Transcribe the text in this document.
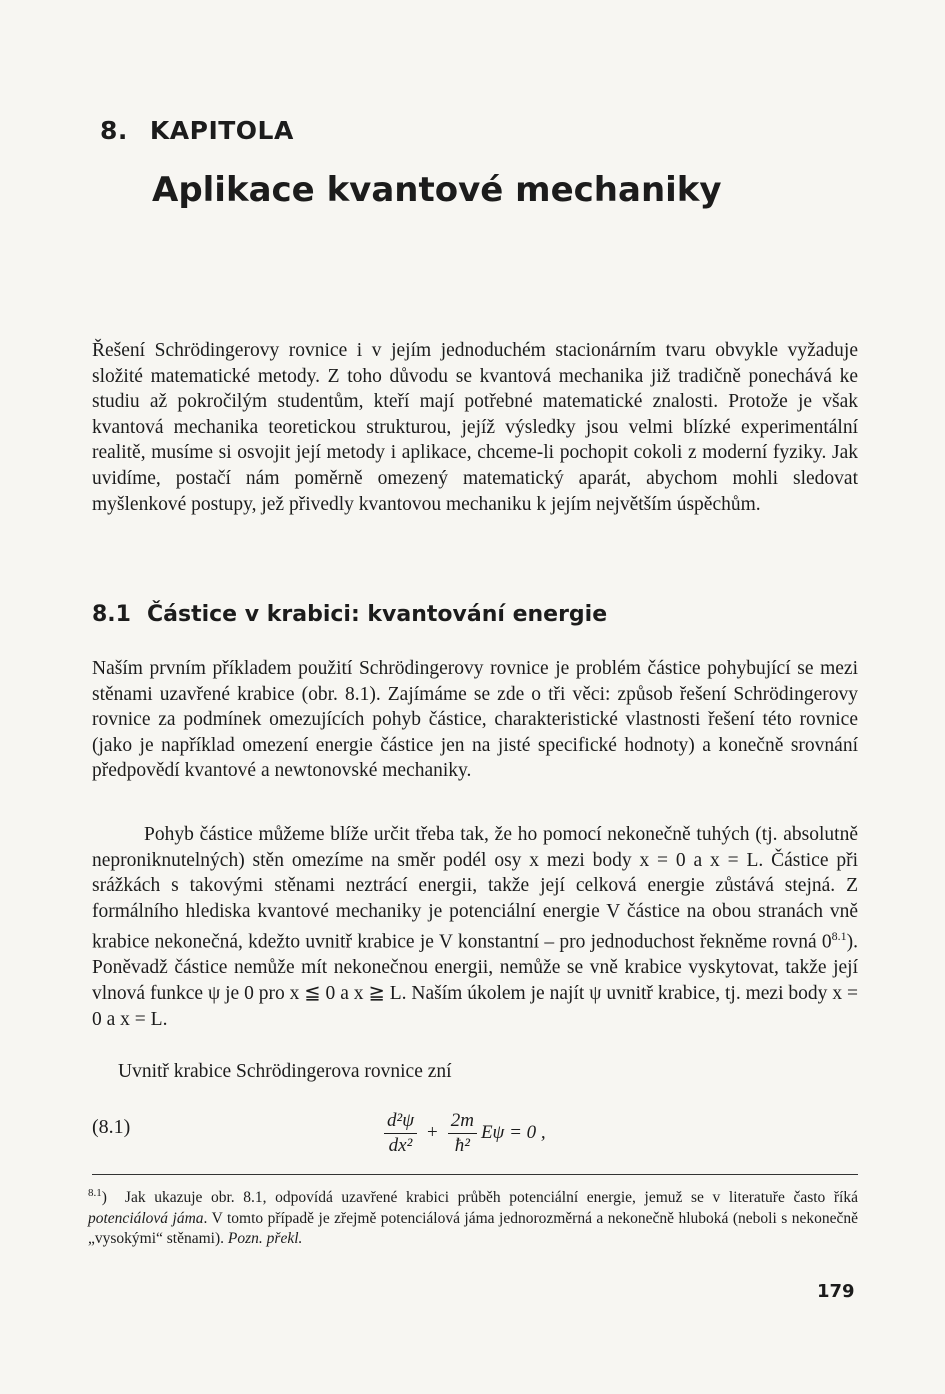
8. KAPITOLA
Aplikace kvantové mechaniky

Řešení Schrödingerovy rovnice i v jejím jednoduchém stacionárním tvaru obvykle vyžaduje složité matematické metody. Z toho důvodu se kvantová mechanika již tradičně ponechává ke studiu až pokročilým studentům, kteří mají potřebné matematické znalosti. Protože je však kvantová mechanika teoretickou strukturou, jejíž výsledky jsou velmi blízké experimentální realitě, musíme si osvojit její metody i aplikace, chceme-li pochopit cokoli z moderní fyziky. Jak uvidíme, postačí nám poměrně omezený matematický aparát, abychom mohli sledovat myšlenkové postupy, jež přivedly kvantovou mechaniku k jejím největším úspěchům.

8.1 Částice v krabici: kvantování energie

Naším prvním příkladem použití Schrödingerovy rovnice je problém částice pohybující se mezi stěnami uzavřené krabice (obr. 8.1). Zajímáme se zde o tři věci: způsob řešení Schrödingerovy rovnice za podmínek omezujících pohyb částice, charakteristické vlastnosti řešení této rovnice (jako je například omezení energie částice jen na jisté specifické hodnoty) a konečně srovnání předpovědí kvantové a newtonovské mechaniky.

Pohyb částice můžeme blíže určit třeba tak, že ho pomocí nekonečně tuhých (tj. absolutně neproniknutelných) stěn omezíme na směr podél osy x mezi body x = 0 a x = L. Částice při srážkách s takovými stěnami neztrácí energii, takže její celková energie zůstává stejná. Z formálního hlediska kvantové mechaniky je potenciální energie V částice na obou stranách vně krabice nekonečná, kdežto uvnitř krabice je V konstantní – pro jednoduchost řekněme rovná $0^{8.1}$). Poněvadž částice nemůže mít nekonečnou energii, nemůže se vně krabice vyskytovat, takže její vlnová funkce ψ je 0 pro x ≦ 0 a x ≧ L. Naším úkolem je najít ψ uvnitř krabice, tj. mezi body x = 0 a x = L.

Uvnitř krabice Schrödingerova rovnice zní

(8.1)	$\frac{\text{d²ψ}}{\text{dx²}} + \frac{2m}{\text{ħ²}}$ Eψ = 0 ,

$^{8.1}$) Jak ukazuje obr. 8.1, odpovídá uzavřené krabici průběh potenciální energie, jemuž se v literatuře často říká potenciálová jáma. V tomto případě je zřejmě potenciálová jáma jednorozměrná a nekonečně hluboká (neboli s nekonečně „vysokými“ stěnami). Pozn. překl.

179
